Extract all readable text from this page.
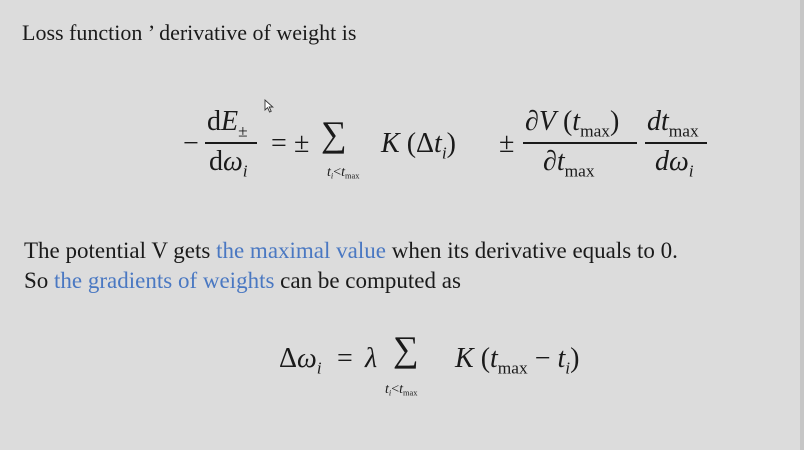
Loss function ’ derivative of weight is
−
$dE_\pm$
$d\omega_i$
= ± ∑
ti<tmax
K $(\Delta t_i)$ ±
∂V $(t_{max})$
$\partial t_{max}$
$dt_{max}$
$d\omega_i$
The potential V gets the maximal value when its derivative equals to 0.
So the gradients of weights can be computed as
$\Delta\omega_i = \lambda$ ∑
ti<tmax
K $(t_{max} - t_i)$
